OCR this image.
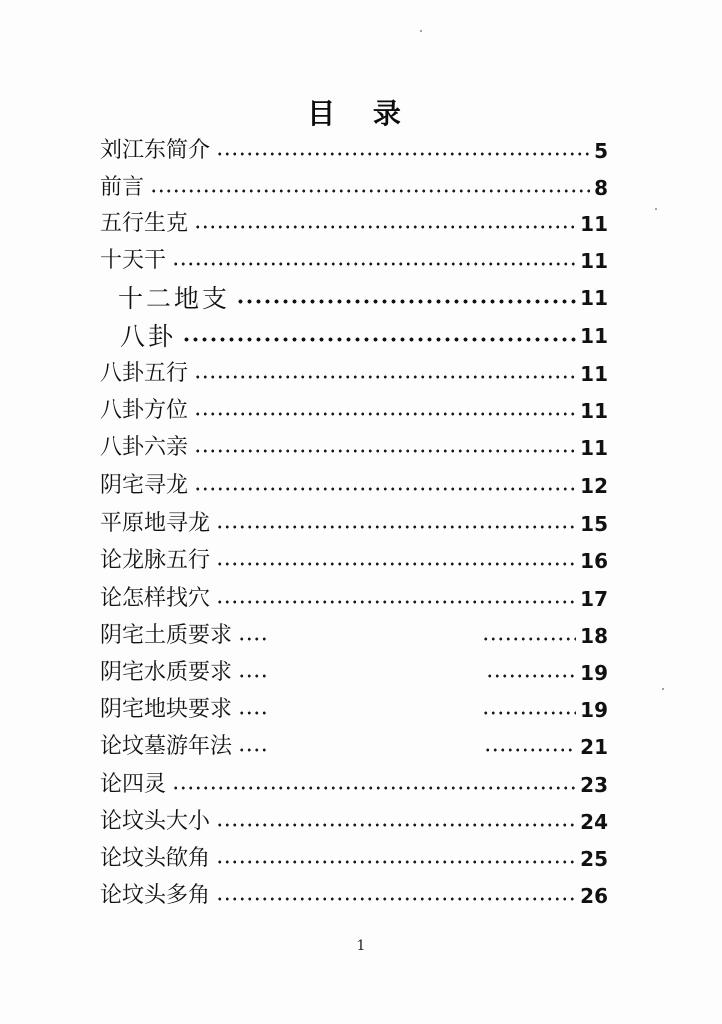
目 录
刘江东简介	5
前言	8
五行生克	11
十天干	11
十二地支	11
八卦	11
八卦五行	11
八卦方位	11
八卦六亲	11
阴宅寻龙	12
平原地寻龙	15
论龙脉五行	16
论怎样找穴	17
阴宅土质要求	18
阴宅水质要求	19
阴宅地块要求	19
论坟墓游年法	21
论四灵	23
论坟头大小	24
论坟头欿角	25
论坟头多角	26
1
